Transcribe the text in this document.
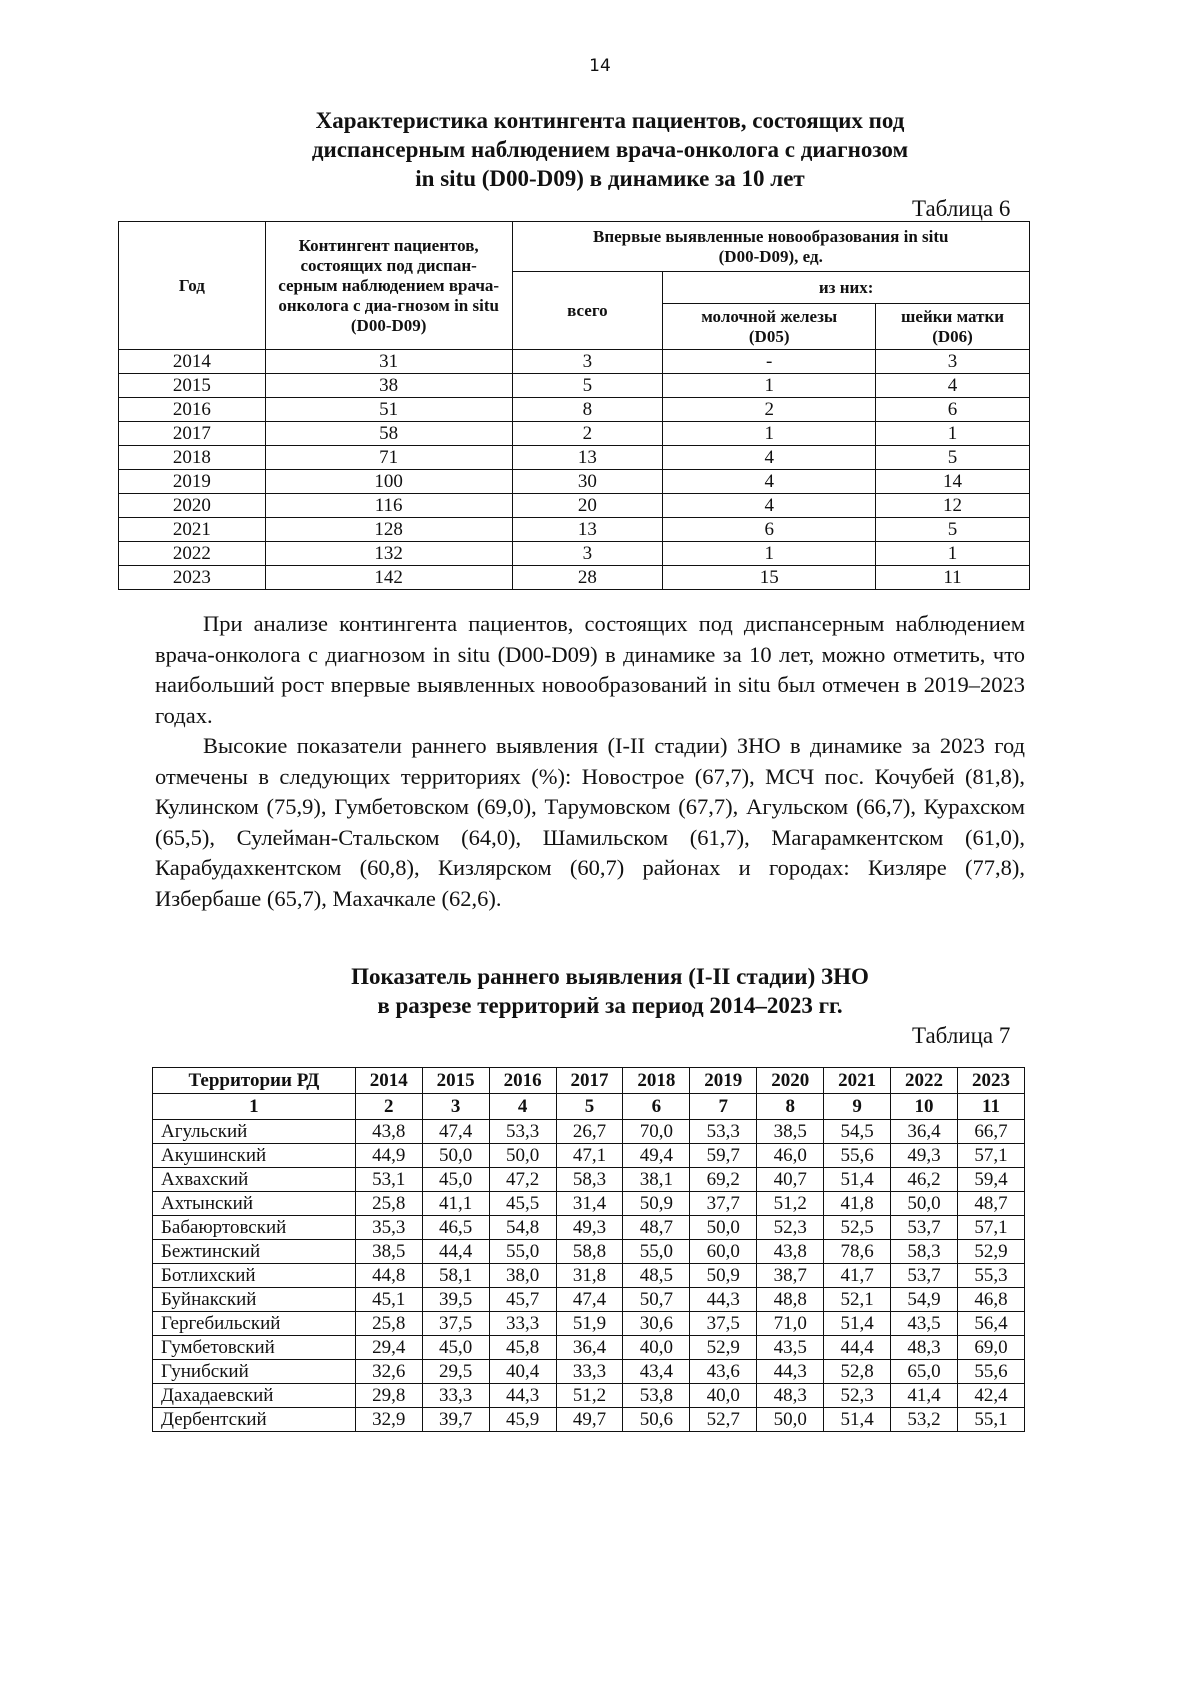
14
Характеристика контингента пациентов, состоящих под
диспансерным наблюдением врача-онколога с диагнозом
in situ (D00-D09) в динамике за 10 лет
Таблица 6
Год	Контингент пациентов, состоящих под диспан-серным наблюдением врача-онколога с диа-гнозом in situ (D00-D09)	Впервые выявленные новообразования in situ (D00-D09), ед.		
		всего	из них:	
			молочной железы (D05)	шейки матки (D06)
2014	31	3	-	3
2015	38	5	1	4
2016	51	8	2	6
2017	58	2	1	1
2018	71	13	4	5
2019	100	30	4	14
2020	116	20	4	12
2021	128	13	6	5
2022	132	3	1	1
2023	142	28	15	11

При анализе контингента пациентов, состоящих под диспансерным наблюдением врача-онколога с диагнозом in situ (D00-D09) в динамике за 10 лет, можно отметить, что наибольший рост впервые выявленных новообразований in situ был отмечен в 2019–2023 годах.

Высокие показатели раннего выявления (I-II стадии) ЗНО в динамике за 2023 год отмечены в следующих территориях (%): Новострое (67,7), МСЧ пос. Кочубей (81,8), Кулинском (75,9), Гумбетовском (69,0), Тарумовском (67,7), Агульском (66,7), Курахском (65,5), Сулейман-Стальском (64,0), Шамильском (61,7), Магарамкентском (61,0), Карабудахкентском (60,8), Кизлярском (60,7) районах и городах: Кизляре (77,8), Избербаше (65,7), Махачкале (62,6).

Показатель раннего выявления (I-II стадии) ЗНО
в разрезе территорий за период 2014–2023 гг.
Таблица 7
Территории РД	2014	2015	2016	2017	2018	2019	2020	2021	2022	2023
1	2	3	4	5	6	7	8	9	10	11
Агульский	43,8	47,4	53,3	26,7	70,0	53,3	38,5	54,5	36,4	66,7
Акушинский	44,9	50,0	50,0	47,1	49,4	59,7	46,0	55,6	49,3	57,1
Ахвахский	53,1	45,0	47,2	58,3	38,1	69,2	40,7	51,4	46,2	59,4
Ахтынский	25,8	41,1	45,5	31,4	50,9	37,7	51,2	41,8	50,0	48,7
Бабаюртовский	35,3	46,5	54,8	49,3	48,7	50,0	52,3	52,5	53,7	57,1
Бежтинский	38,5	44,4	55,0	58,8	55,0	60,0	43,8	78,6	58,3	52,9
Ботлихский	44,8	58,1	38,0	31,8	48,5	50,9	38,7	41,7	53,7	55,3
Буйнакский	45,1	39,5	45,7	47,4	50,7	44,3	48,8	52,1	54,9	46,8
Гергебильский	25,8	37,5	33,3	51,9	30,6	37,5	71,0	51,4	43,5	56,4
Гумбетовский	29,4	45,0	45,8	36,4	40,0	52,9	43,5	44,4	48,3	69,0
Гунибский	32,6	29,5	40,4	33,3	43,4	43,6	44,3	52,8	65,0	55,6
Дахадаевский	29,8	33,3	44,3	51,2	53,8	40,0	48,3	52,3	41,4	42,4
Дербентский	32,9	39,7	45,9	49,7	50,6	52,7	50,0	51,4	53,2	55,1
